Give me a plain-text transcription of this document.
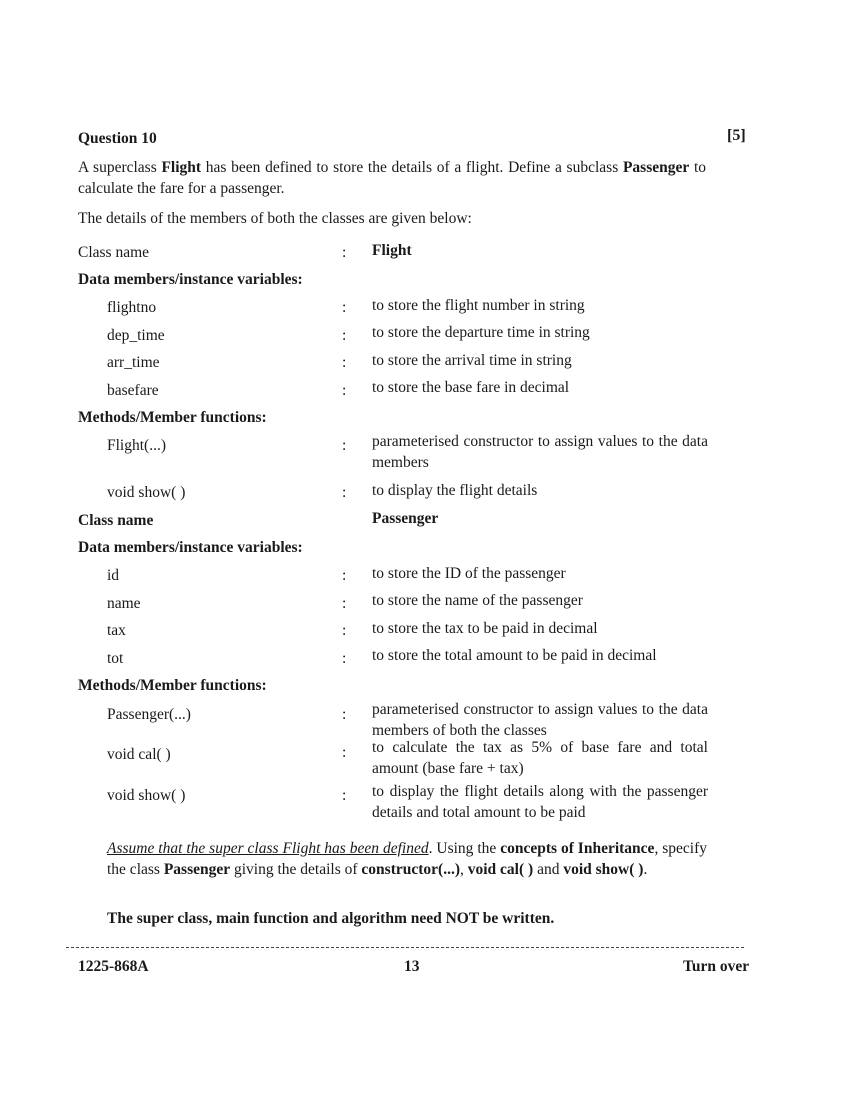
Question 10	[5]
A superclass Flight has been defined to store the details of a flight. Define a subclass Passenger to calculate the fare for a passenger.
The details of the members of both the classes are given below:
Class name	: Flight
Data members/instance variables:
flightno	: to store the flight number in string
dep_time	: to store the departure time in string
arr_time	: to store the arrival time in string
basefare	: to store the base fare in decimal
Methods/Member functions:
Flight(...)	: parameterised constructor to assign values to the data members
void show( )	: to display the flight details
Class name	Passenger
Data members/instance variables:
id	: to store the ID of the passenger
name	: to store the name of the passenger
tax	: to store the tax to be paid in decimal
tot	: to store the total amount to be paid in decimal
Methods/Member functions:
Passenger(...)	: parameterised constructor to assign values to the data members of both the classes
void cal( )	: to calculate the tax as 5% of base fare and total amount (base fare + tax)
void show( )	: to display the flight details along with the passenger details and total amount to be paid
Assume that the super class Flight has been defined. Using the concepts of Inheritance, specify the class Passenger giving the details of constructor(...), void cal( ) and void show( ).
The super class, main function and algorithm need NOT be written.
1225-868A	13	Turn over
